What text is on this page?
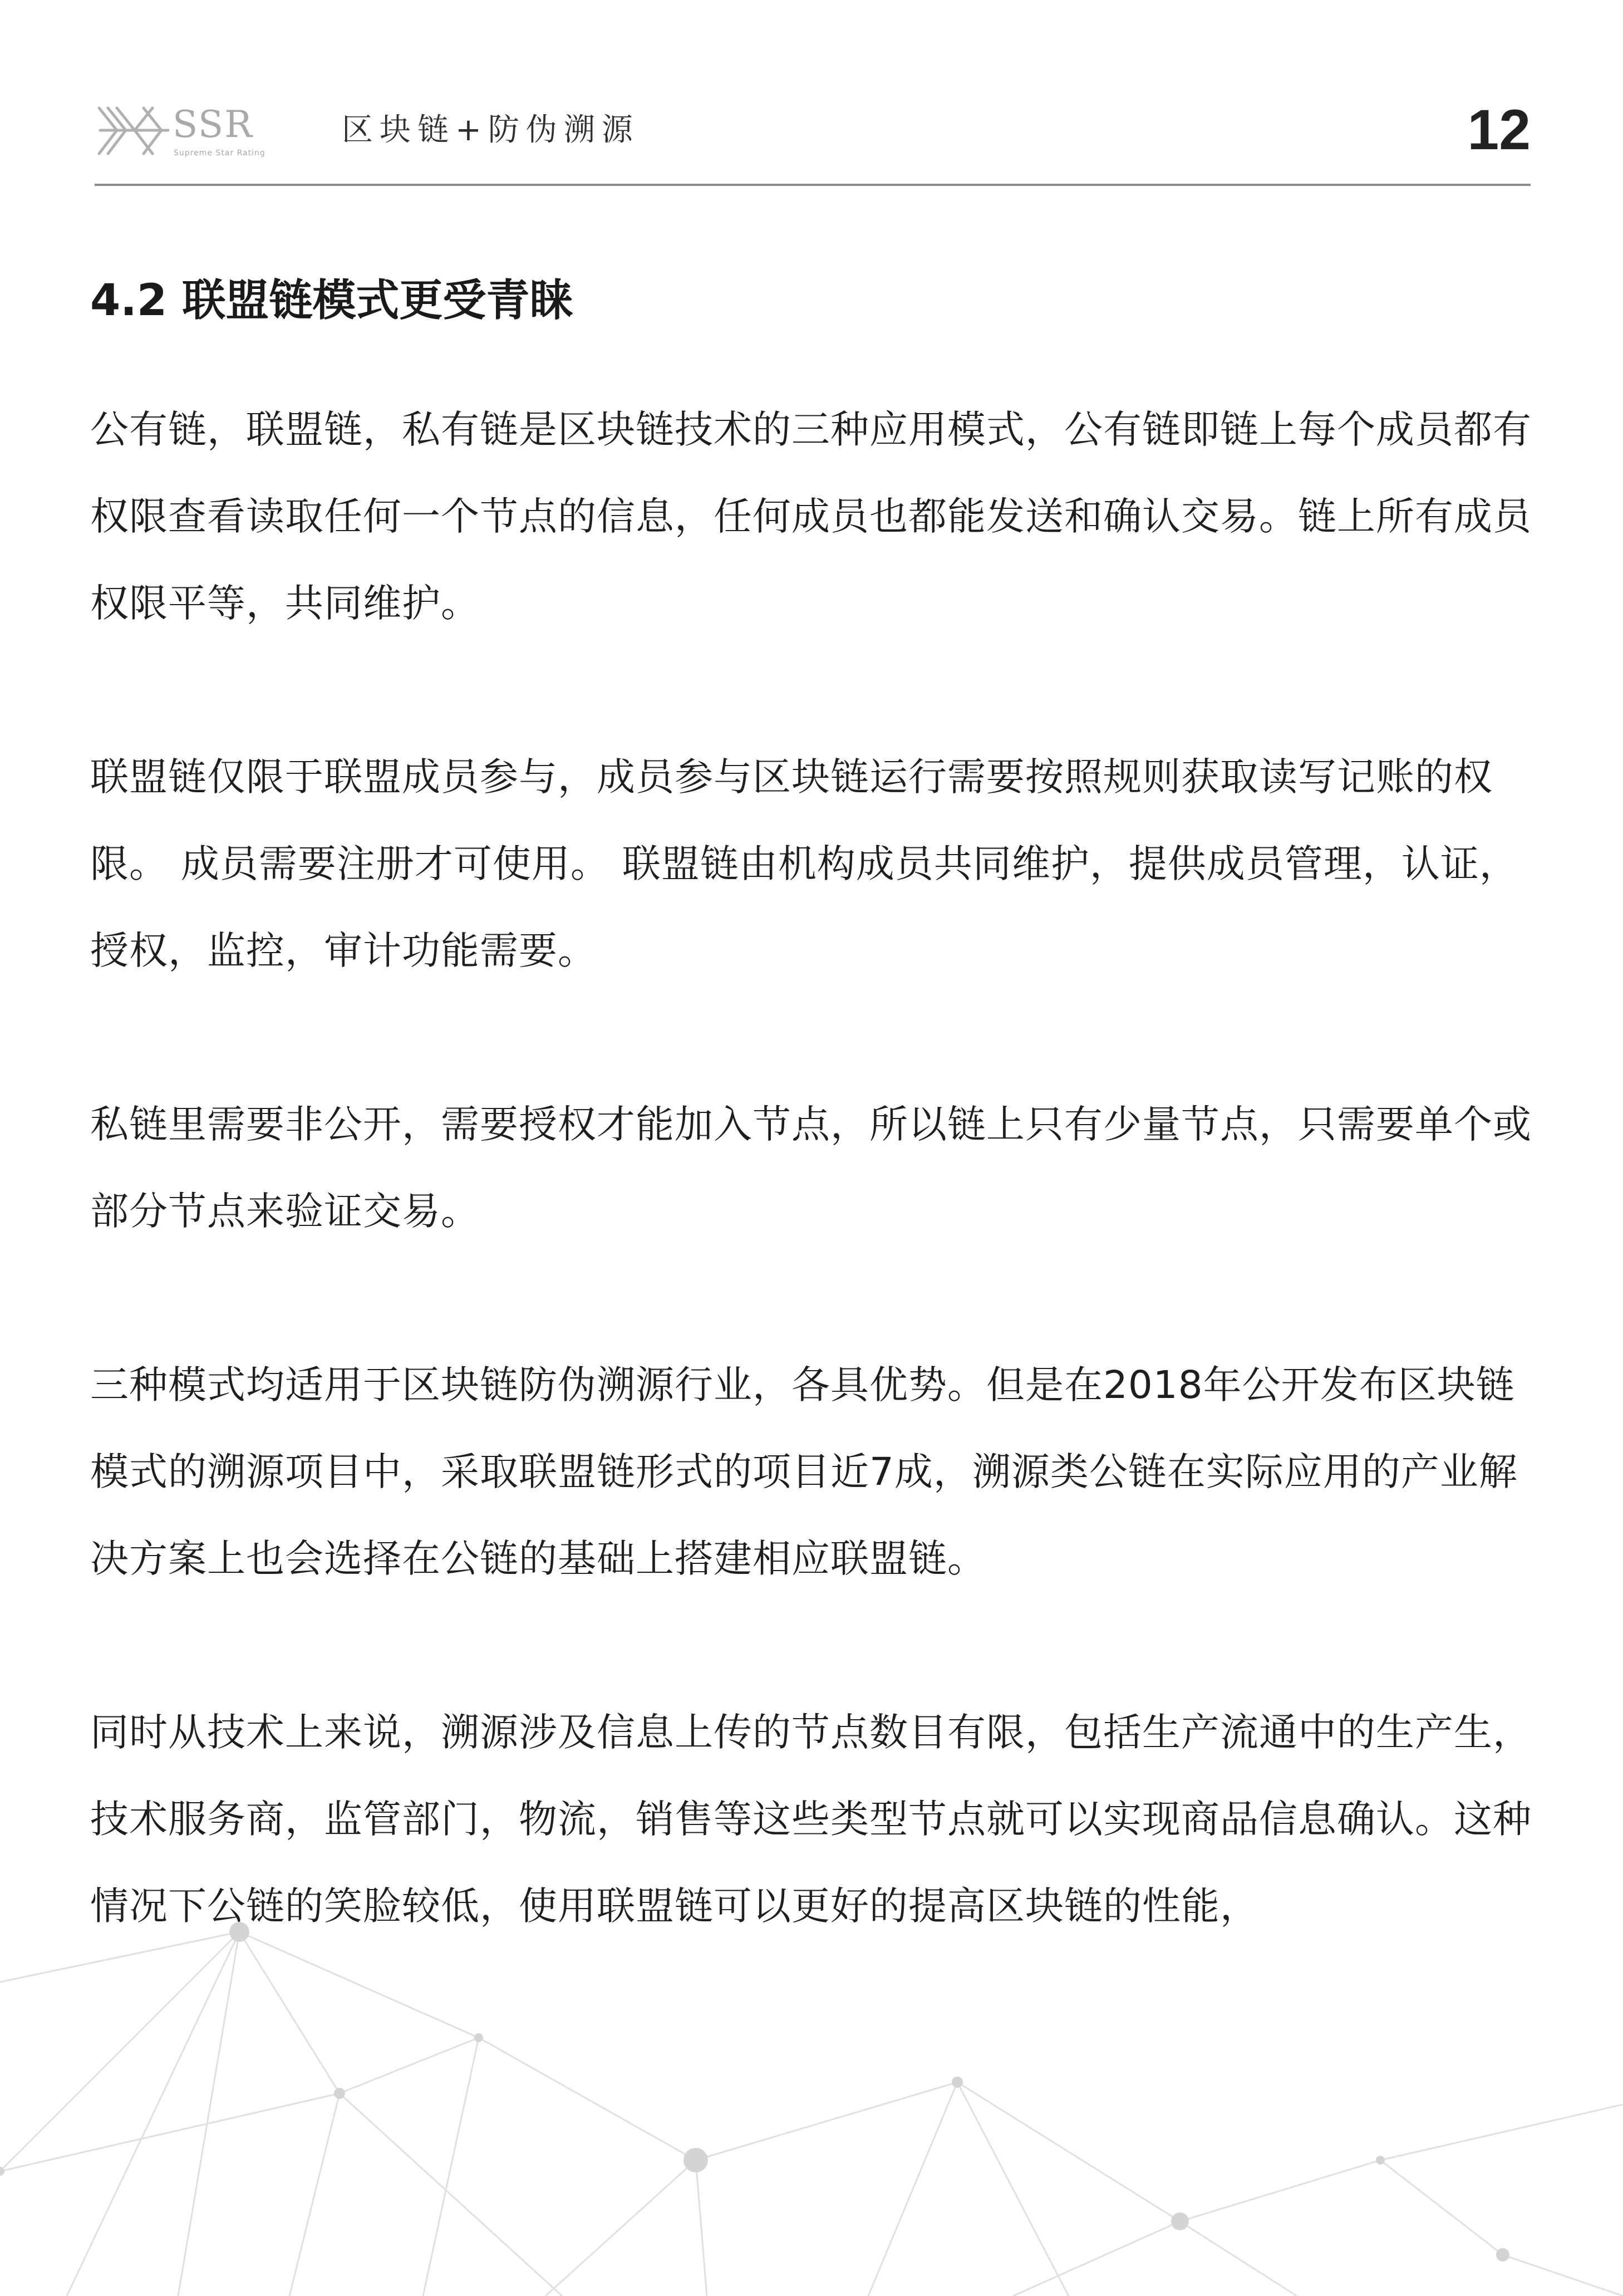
SSR
Supreme Star Rating
区块链+防伪溯源	12
4.2 联盟链模式更受青睐

公有链，联盟链，私有链是区块链技术的三种应用模式，公有链即链上每个成员都有权限查看读取任何一个节点的信息，任何成员也都能发送和确认交易。链上所有成员权限平等，共同维护。

联盟链仅限于联盟成员参与，成员参与区块链运行需要按照规则获取读写记账的权限。 成员需要注册才可使用。 联盟链由机构成员共同维护，提供成员管理，认证，授权，监控，审计功能需要。

私链里需要非公开，需要授权才能加入节点，所以链上只有少量节点，只需要单个或部分节点来验证交易。

三种模式均适用于区块链防伪溯源行业，各具优势。但是在2018年公开发布区块链模式的溯源项目中，采取联盟链形式的项目近7成，溯源类公链在实际应用的产业解决方案上也会选择在公链的基础上搭建相应联盟链。

同时从技术上来说，溯源涉及信息上传的节点数目有限，包括生产流通中的生产生，技术服务商，监管部门，物流，销售等这些类型节点就可以实现商品信息确认。这种情况下公链的笑脸较低，使用联盟链可以更好的提高区块链的性能，
